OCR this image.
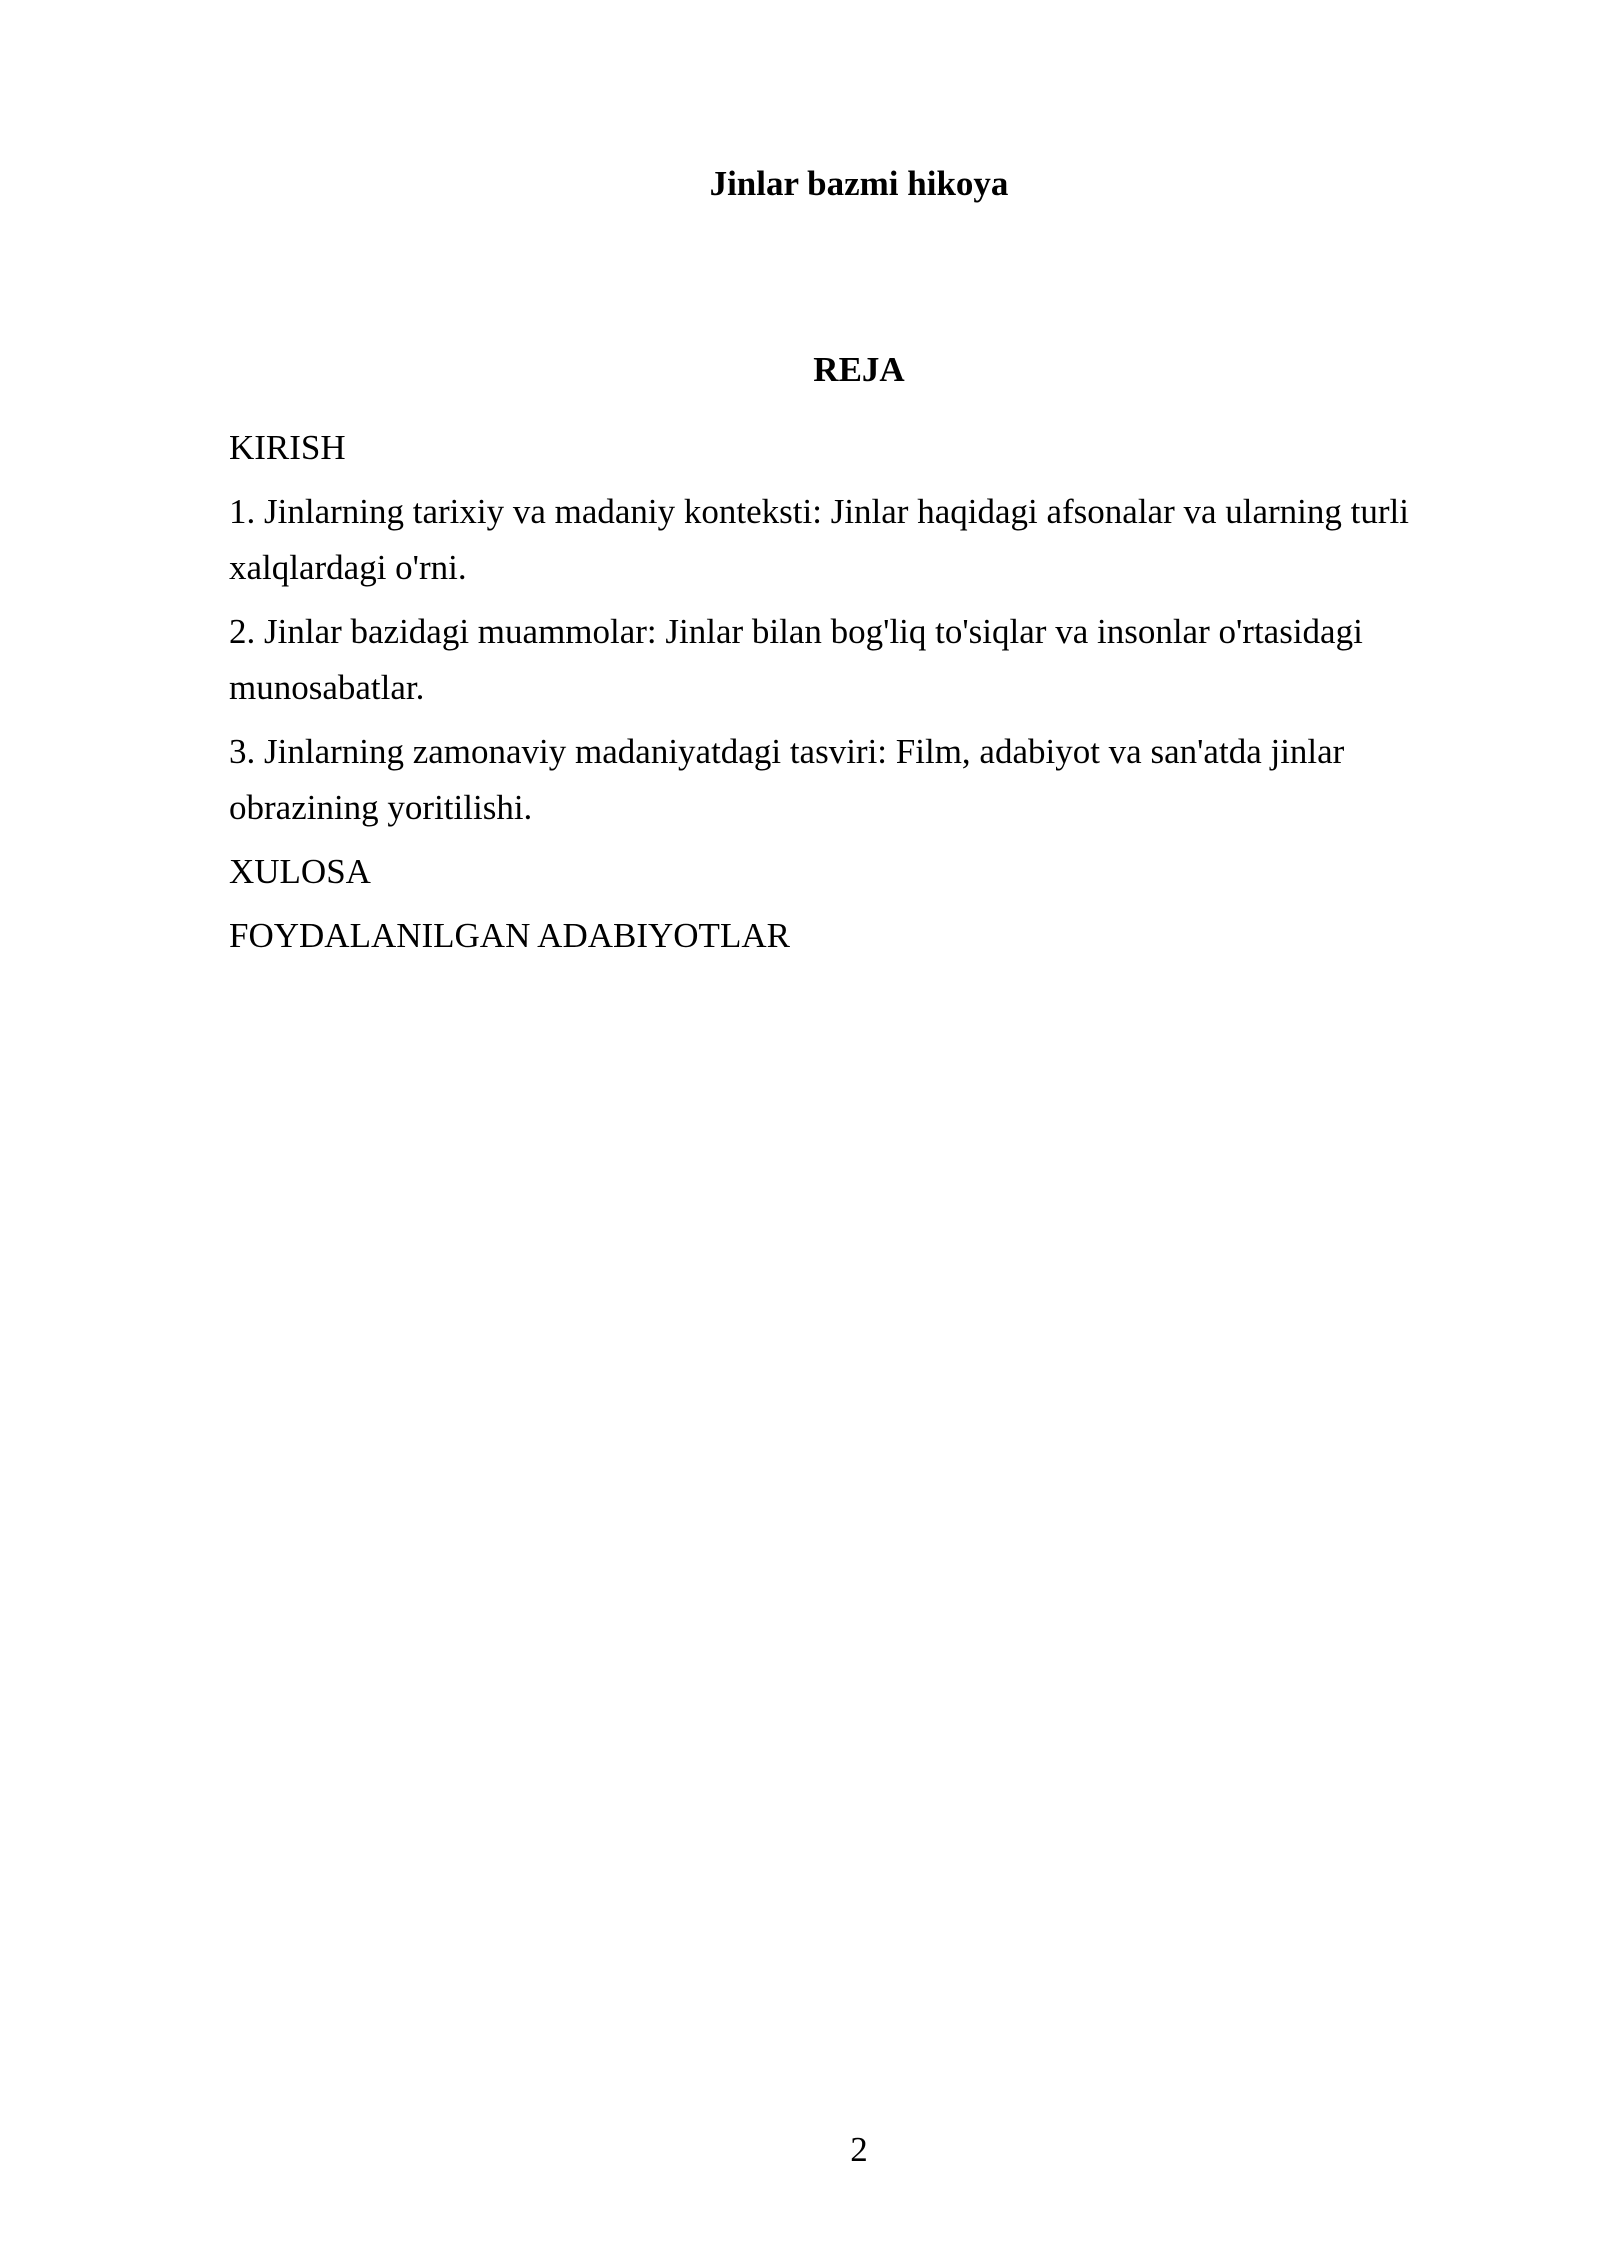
Jinlar bazmi hikoya
REJA

KIRISH

1. Jinlarning tarixiy va madaniy konteksti: Jinlar haqidagi afsonalar va ularning turli xalqlardagi o'rni.

2. Jinlar bazidagi muammolar: Jinlar bilan bog'liq to'siqlar va insonlar o'rtasidagi munosabatlar.

3. Jinlarning zamonaviy madaniyatdagi tasviri: Film, adabiyot va san'atda jinlar obrazining yoritilishi.

XULOSA

FOYDALANILGAN ADABIYOTLAR

2
